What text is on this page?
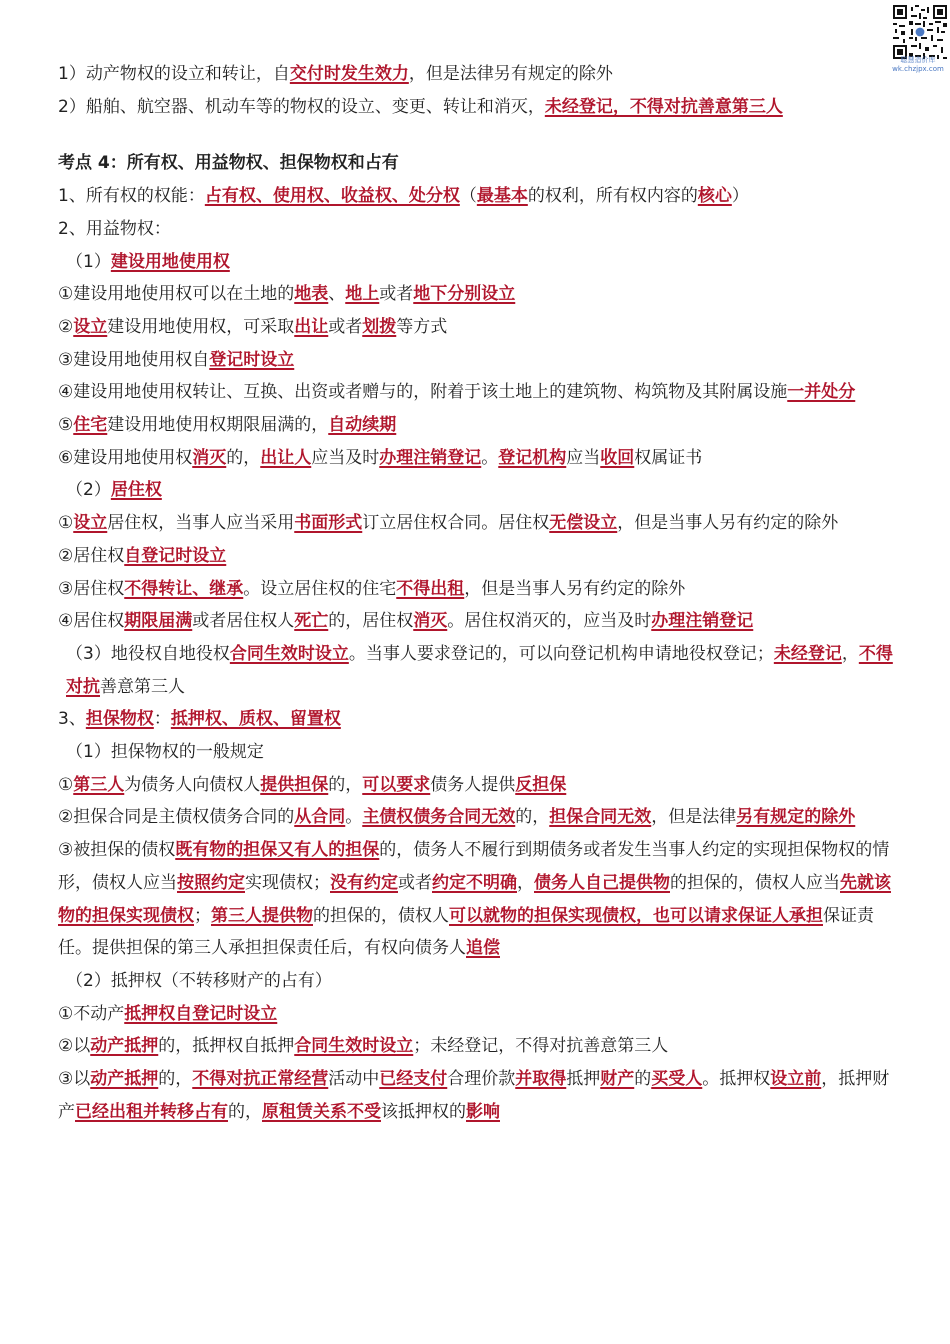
聪慧造价库
wk.chzjpx.com

1）动产物权的设立和转让，自交付时发生效力，但是法律另有规定的除外

2）船舶、航空器、机动车等的物权的设立、变更、转让和消灭，未经登记，不得对抗善意第三人

考点 4：所有权、用益物权、担保物权和占有

1、所有权的权能：占有权、使用权、收益权、处分权（最基本的权利，所有权内容的核心）

2、用益物权：

（1）建设用地使用权

①建设用地使用权可以在土地的地表、地上或者地下分别设立

②设立建设用地使用权，可采取出让或者划拨等方式

③建设用地使用权自登记时设立

④建设用地使用权转让、互换、出资或者赠与的，附着于该土地上的建筑物、构筑物及其附属设施一并处分

⑤住宅建设用地使用权期限届满的，自动续期

⑥建设用地使用权消灭的，出让人应当及时办理注销登记。登记机构应当收回权属证书

（2）居住权

①设立居住权，当事人应当采用书面形式订立居住权合同。居住权无偿设立，但是当事人另有约定的除外

②居住权自登记时设立

③居住权不得转让、继承。设立居住权的住宅不得出租，但是当事人另有约定的除外

④居住权期限届满或者居住权人死亡的，居住权消灭。居住权消灭的，应当及时办理注销登记

（3）地役权自地役权合同生效时设立。当事人要求登记的，可以向登记机构申请地役权登记；未经登记，不得对抗善意第三人

3、担保物权：抵押权、质权、留置权

（1）担保物权的一般规定

①第三人为债务人向债权人提供担保的，可以要求债务人提供反担保

②担保合同是主债权债务合同的从合同。主债权债务合同无效的，担保合同无效，但是法律另有规定的除外

③被担保的债权既有物的担保又有人的担保的，债务人不履行到期债务或者发生当事人约定的实现担保物权的情形，债权人应当按照约定实现债权；没有约定或者约定不明确，债务人自己提供物的担保的，债权人应当先就该物的担保实现债权；第三人提供物的担保的，债权人可以就物的担保实现债权，也可以请求保证人承担保证责任。提供担保的第三人承担担保责任后，有权向债务人追偿

（2）抵押权（不转移财产的占有）

①不动产抵押权自登记时设立

②以动产抵押的，抵押权自抵押合同生效时设立；未经登记，不得对抗善意第三人

③以动产抵押的，不得对抗正常经营活动中已经支付合理价款并取得抵押财产的买受人。抵押权设立前，抵押财产已经出租并转移占有的，原租赁关系不受该抵押权的影响
